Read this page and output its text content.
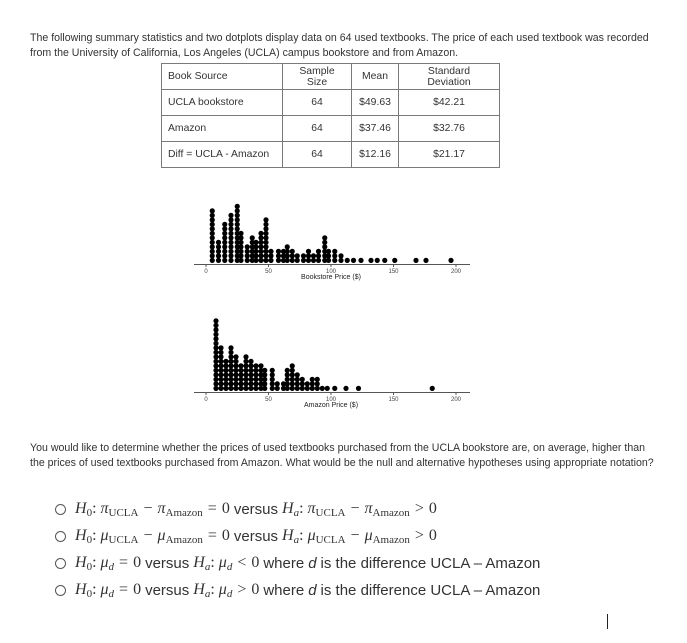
The following summary statistics and two dotplots display data on 64 used textbooks. The price of each used textbook was recorded from the University of California, Los Angeles (UCLA) campus bookstore and from Amazon.

Book Source	Sample Size	Mean	Standard Deviation
UCLA bookstore	64	$49.63	$42.21
Amazon	64	$37.46	$32.76
Diff = UCLA - Amazon	64	$12.16	$21.17
0	50	100	150	200
Bookstore Price ($)
0	50	100	150	200
Amazon Price ($)

You would like to determine whether the prices of used textbooks purchased from the UCLA bookstore are, on average, higher than the prices of used textbooks purchased from Amazon. What would be the null and alternative hypotheses using appropriate notation?

$H_0$: $\pi_{UCLA} - \pi_{Amazon} = 0$ versus $H_a$: $\pi_{UCLA} - \pi_{Amazon} > 0$
$H_0$: $\mu_{UCLA} - \mu_{Amazon} = 0$ versus $H_a$: $\mu_{UCLA} - \mu_{Amazon} > 0$
$H_0$: $\mu_d = 0$ versus $H_a$: $\mu_d < 0$ where d is the difference UCLA – Amazon
$H_0$: $\mu_d = 0$ versus $H_a$: $\mu_d > 0$ where d is the difference UCLA – Amazon
